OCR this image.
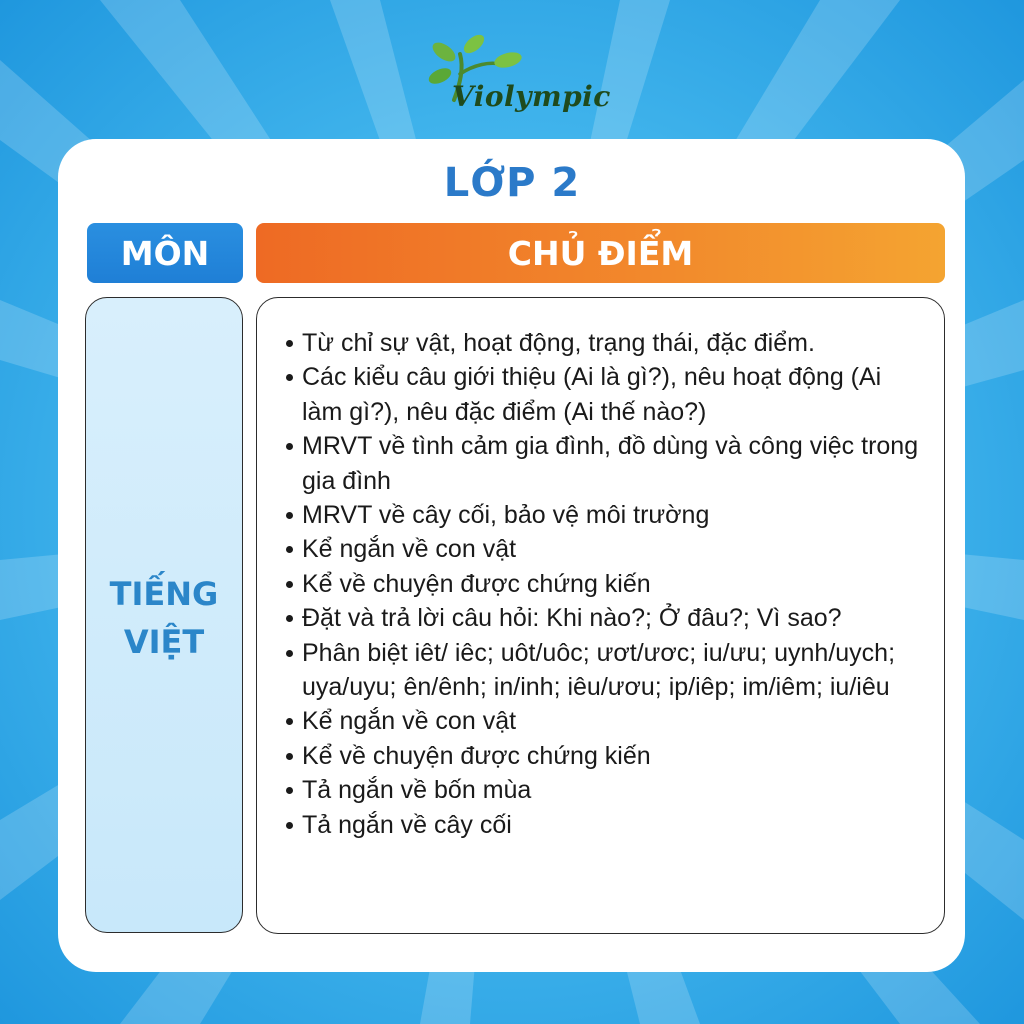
Violympic
LỚP 2
MÔN	CHỦ ĐIỂM
TIẾNG
VIỆT
Từ chỉ sự vật, hoạt động, trạng thái, đặc điểm.
Các kiểu câu giới thiệu (Ai là gì?), nêu hoạt động (Ai làm gì?), nêu đặc điểm (Ai thế nào?)
MRVT về tình cảm gia đình, đồ dùng và công việc trong gia đình
MRVT về cây cối, bảo vệ môi trường
Kể ngắn về con vật
Kể về chuyện được chứng kiến
Đặt và trả lời câu hỏi: Khi nào?; Ở đâu?; Vì sao?
Phân biệt iêt/ iêc; uôt/uôc; ươt/ươc; iu/ưu; uynh/uych; uya/uyu; ên/ênh; in/inh; iêu/ươu; ip/iêp; im/iêm; iu/iêu
Kể ngắn về con vật
Kể về chuyện được chứng kiến
Tả ngắn về bốn mùa
Tả ngắn về cây cối
